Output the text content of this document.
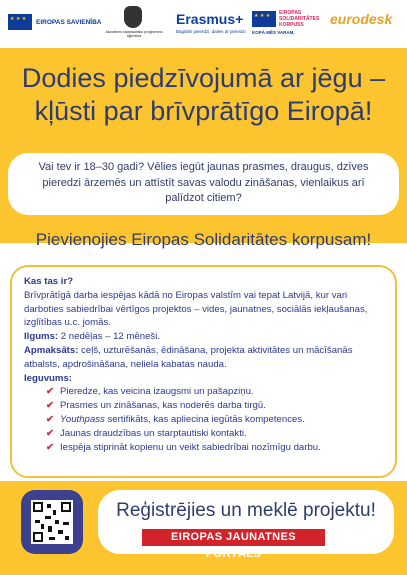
★ ★ ★
EIROPAS SAVIENĪBA
Jaunatnes starptautisko programmu aģentūra
Erasmus+
Bagātini pieredzi, dalies ar pieredzi
★ ★ ★
EIROPAS SOLIDARITĀTES KORPUSS
KOPĀ MĒS VARAM.
eurodesk
Dodies piedzīvojumā ar jēgu – kļūsti par brīvprātīgo Eiropā!

Vai tev ir 18–30 gadi? Vēlies iegūt jaunas prasmes, draugus, dzīves pieredzi ārzemēs un attīstīt savas valodu zināšanas, vienlaikus arī palīdzot citiem?

Pievienojies Eiropas Solidaritātes korpusam!

Kas tas ir?

Brīvprātīgā darba iespējas kādā no Eiropas valstīm vai tepat Latvijā, kur vari darboties sabiedrībai vērtīgos projektos – vides, jaunatnes, sociālās iekļaušanas, izglītības u.c. jomās.

Ilgums: 2 nedēļas – 12 mēneši.

Apmaksāts: ceļš, uzturēšanās, ēdināšana, projekta aktivitātes un mācīšanās atbalsts, apdrošināšana, neliela kabatas nauda.

Ieguvums:

✔ Pieredze, kas veicina izaugsmi un pašapziņu.
✔ Prasmes un zināšanas, kas noderēs darba tirgū.
✔ Youthpass sertifikāts, kas apliecina iegūtās kompetences.
✔ Jaunas draudzības un starptautiski kontakti.
✔ Iespēja stiprināt kopienu un veikt sabiedrībai nozīmīgu darbu.

Reģistrējies un meklē projektu!

EIROPAS JAUNATNES PORTĀLS
